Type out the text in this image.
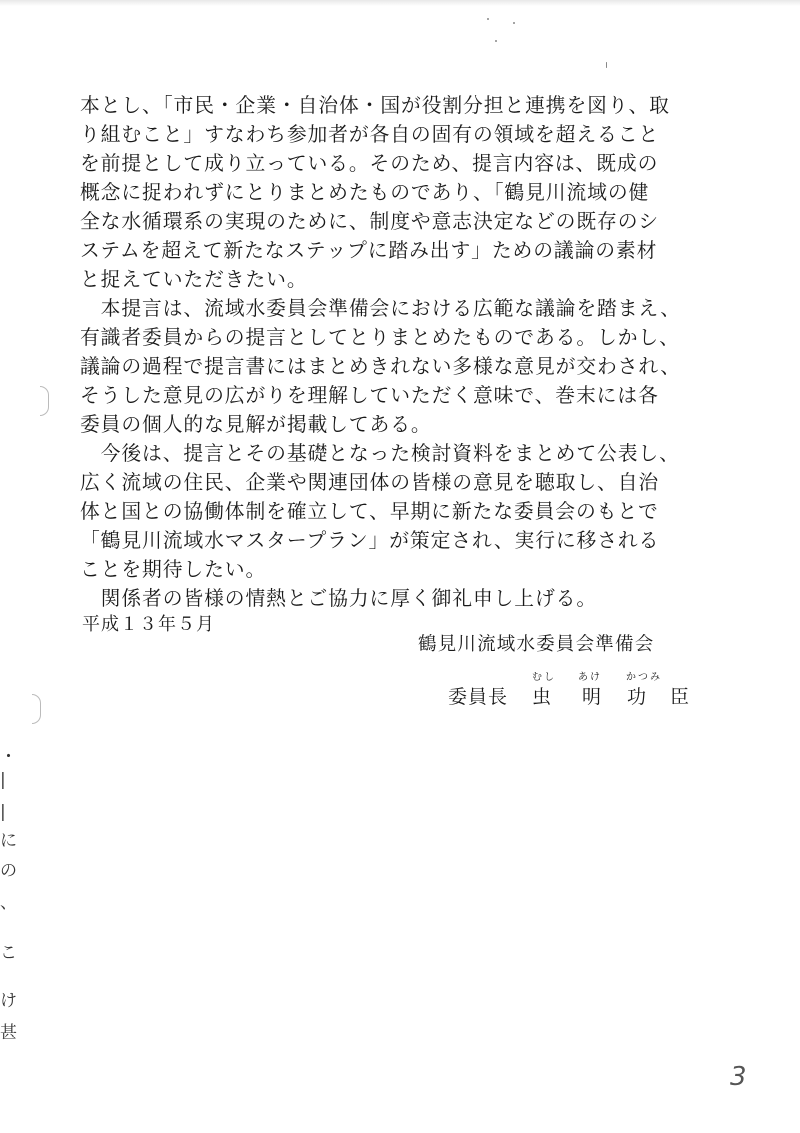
本とし、「市民・企業・自治体・国が役割分担と連携を図り、取
り組むこと」すなわち参加者が各自の固有の領域を超えること
を前提として成り立っている。そのため、提言内容は、既成の
概念に捉われずにとりまとめたものであり、「鶴見川流域の健
全な水循環系の実現のために、制度や意志決定などの既存のシ
ステムを超えて新たなステップに踏み出す」ための議論の素材
と捉えていただきたい。
　本提言は、流域水委員会準備会における広範な議論を踏まえ、
有識者委員からの提言としてとりまとめたものである。しかし、
議論の過程で提言書にはまとめきれない多様な意見が交わされ、
そうした意見の広がりを理解していただく意味で、巻末には各
委員の個人的な見解が掲載してある。
　今後は、提言とその基礎となった検討資料をまとめて公表し、
広く流域の住民、企業や関連団体の皆様の意見を聴取し、自治
体と国との協働体制を確立して、早期に新たな委員会のもとで
「鶴見川流域水マスタープラン」が策定され、実行に移される
ことを期待したい。
　関係者の皆様の情熱とご協力に厚く御礼申し上げる。
平成１３年５月
鶴見川流域水委員会準備会
むし あけ かつみ
委員長 虫 明 功 臣
・
|
|
に
の
、
こ
け
甚
3
